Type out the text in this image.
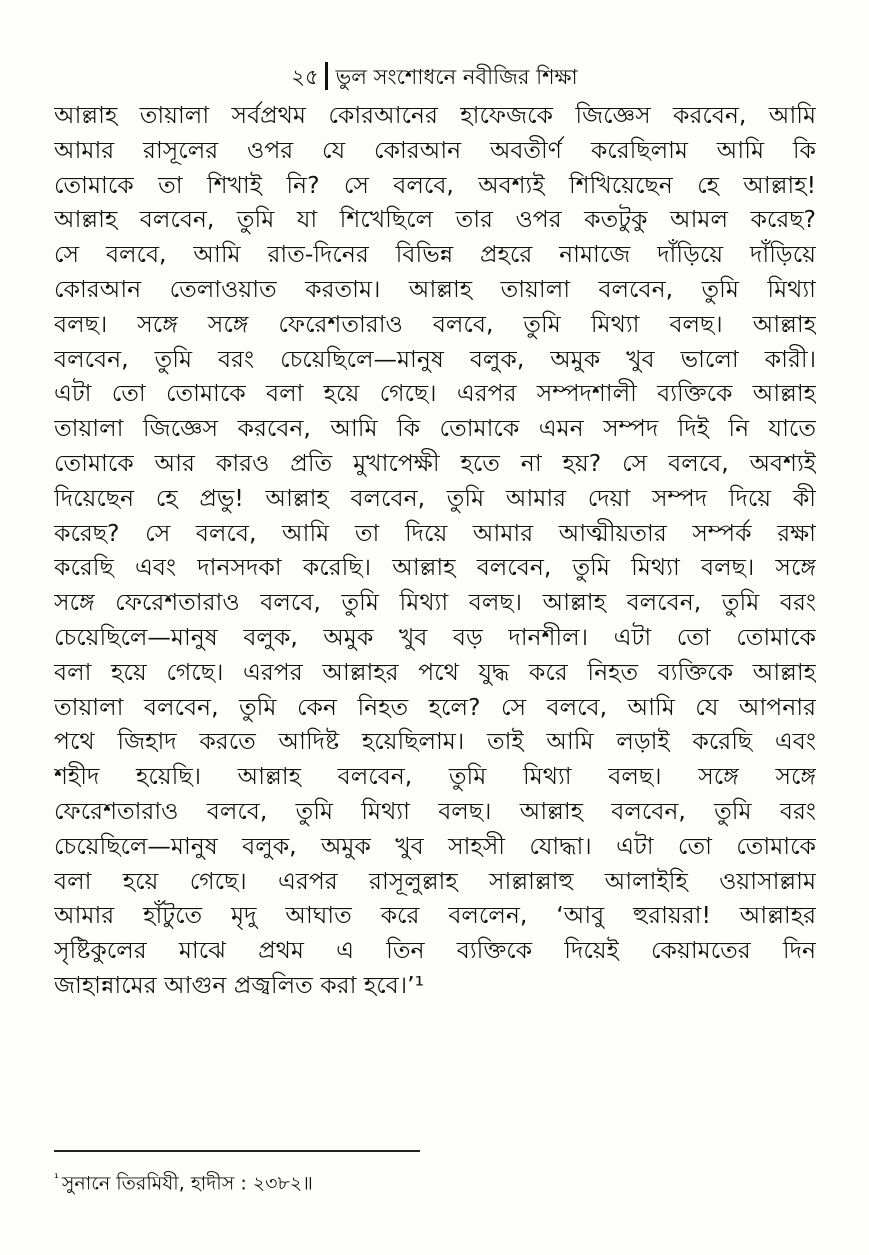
২৫ ভুল সংশোধনে নবীজির শিক্ষা
আল্লাহ তায়ালা সর্বপ্রথম কোরআনের হাফেজকে জিজ্ঞেস করবেন, আমি
আমার রাসূলের ওপর যে কোরআন অবতীর্ণ করেছিলাম আমি কি
তোমাকে তা শিখাই নি? সে বলবে, অবশ্যই শিখিয়েছেন হে আল্লাহ!
আল্লাহ বলবেন, তুমি যা শিখেছিলে তার ওপর কতটুকু আমল করেছ?
সে বলবে, আমি রাত-দিনের বিভিন্ন প্রহরে নামাজে দাঁড়িয়ে দাঁড়িয়ে
কোরআন তেলাওয়াত করতাম। আল্লাহ তায়ালা বলবেন, তুমি মিথ্যা
বলছ। সঙ্গে সঙ্গে ফেরেশতারাও বলবে, তুমি মিথ্যা বলছ। আল্লাহ
বলবেন, তুমি বরং চেয়েছিলে—মানুষ বলুক, অমুক খুব ভালো কারী।
এটা তো তোমাকে বলা হয়ে গেছে। এরপর সম্পদশালী ব্যক্তিকে আল্লাহ
তায়ালা জিজ্ঞেস করবেন, আমি কি তোমাকে এমন সম্পদ দিই নি যাতে
তোমাকে আর কারও প্রতি মুখাপেক্ষী হতে না হয়? সে বলবে, অবশ্যই
দিয়েছেন হে প্রভু! আল্লাহ বলবেন, তুমি আমার দেয়া সম্পদ দিয়ে কী
করেছ? সে বলবে, আমি তা দিয়ে আমার আত্মীয়তার সম্পর্ক রক্ষা
করেছি এবং দানসদকা করেছি। আল্লাহ বলবেন, তুমি মিথ্যা বলছ। সঙ্গে
সঙ্গে ফেরেশতারাও বলবে, তুমি মিথ্যা বলছ। আল্লাহ বলবেন, তুমি বরং
চেয়েছিলে—মানুষ বলুক, অমুক খুব বড় দানশীল। এটা তো তোমাকে
বলা হয়ে গেছে। এরপর আল্লাহর পথে যুদ্ধ করে নিহত ব্যক্তিকে আল্লাহ
তায়ালা বলবেন, তুমি কেন নিহত হলে? সে বলবে, আমি যে আপনার
পথে জিহাদ করতে আদিষ্ট হয়েছিলাম। তাই আমি লড়াই করেছি এবং
শহীদ হয়েছি। আল্লাহ বলবেন, তুমি মিথ্যা বলছ। সঙ্গে সঙ্গে
ফেরেশতারাও বলবে, তুমি মিথ্যা বলছ। আল্লাহ বলবেন, তুমি বরং
চেয়েছিলে—মানুষ বলুক, অমুক খুব সাহসী যোদ্ধা। এটা তো তোমাকে
বলা হয়ে গেছে। এরপর রাসূলুল্লাহ সাল্লাল্লাহু আলাইহি ওয়াসাল্লাম
আমার হাঁটুতে মৃদু আঘাত করে বললেন, ‘আবু হুরায়রা! আল্লাহর
সৃষ্টিকুলের মাঝে প্রথম এ তিন ব্যক্তিকে দিয়েই কেয়ামতের দিন
জাহান্নামের আগুন প্রজ্বলিত করা হবে।’¹
$^{^1}$ সুনানে তিরমিযী, হাদীস : ২৩৮২॥
